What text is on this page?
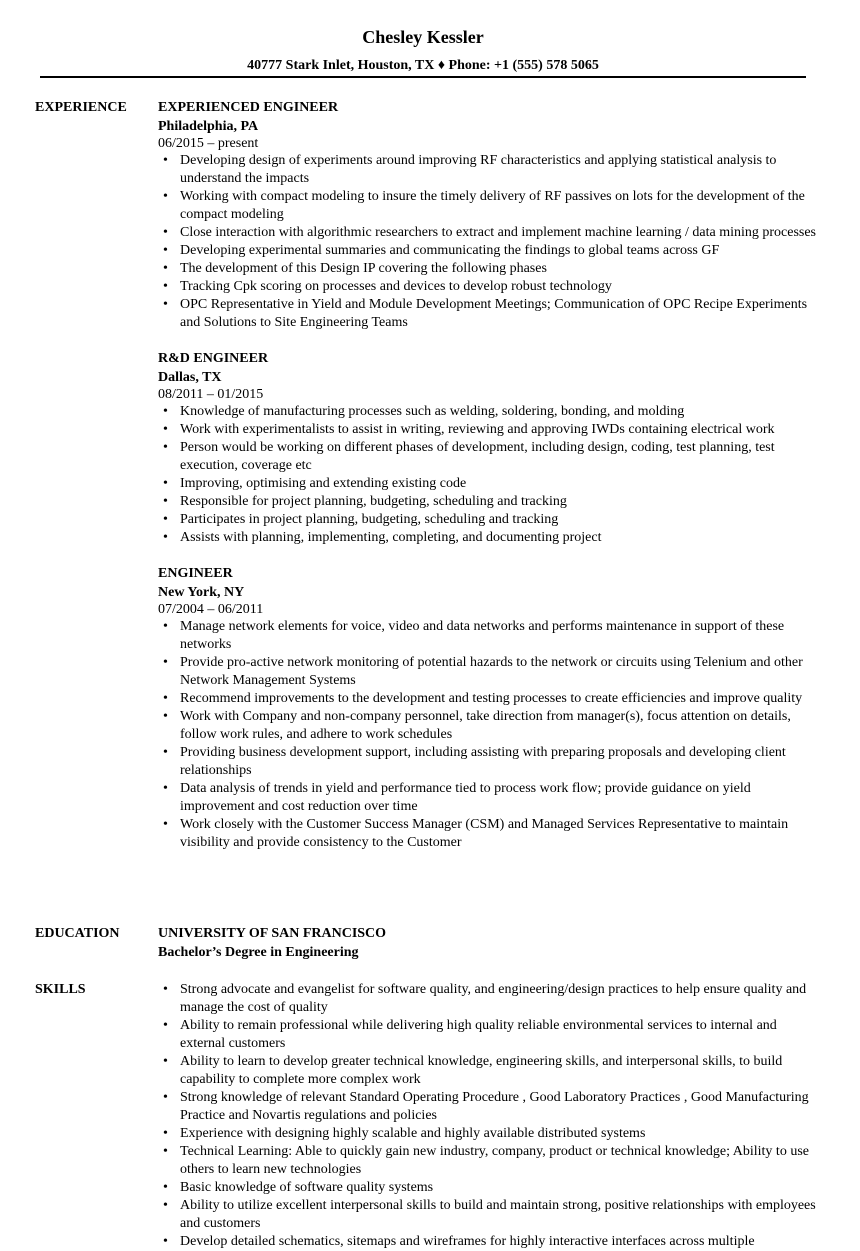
Chesley Kessler
40777 Stark Inlet, Houston, TX ♦ Phone: +1 (555) 578 5065
EXPERIENCE EXPERIENCED ENGINEER
Philadelphia, PA
06/2015 – present
• Developing design of experiments around improving RF characteristics and applying statistical analysis to understand the impacts
• Working with compact modeling to insure the timely delivery of RF passives on lots for the development of the compact modeling
• Close interaction with algorithmic researchers to extract and implement machine learning / data mining processes
• Developing experimental summaries and communicating the findings to global teams across GF
• The development of this Design IP covering the following phases
• Tracking Cpk scoring on processes and devices to develop robust technology
• OPC Representative in Yield and Module Development Meetings; Communication of OPC Recipe Experiments and Solutions to Site Engineering Teams
R&D ENGINEER
Dallas, TX
08/2011 – 01/2015
• Knowledge of manufacturing processes such as welding, soldering, bonding, and molding
• Work with experimentalists to assist in writing, reviewing and approving IWDs containing electrical work
• Person would be working on different phases of development, including design, coding, test planning, test execution, coverage etc
• Improving, optimising and extending existing code
• Responsible for project planning, budgeting, scheduling and tracking
• Participates in project planning, budgeting, scheduling and tracking
• Assists with planning, implementing, completing, and documenting project
ENGINEER
New York, NY
07/2004 – 06/2011
• Manage network elements for voice, video and data networks and performs maintenance in support of these networks
• Provide pro-active network monitoring of potential hazards to the network or circuits using Telenium and other Network Management Systems
• Recommend improvements to the development and testing processes to create efficiencies and improve quality
• Work with Company and non-company personnel, take direction from manager(s), focus attention on details, follow work rules, and adhere to work schedules
• Providing business development support, including assisting with preparing proposals and developing client relationships
• Data analysis of trends in yield and performance tied to process work flow; provide guidance on yield improvement and cost reduction over time
• Work closely with the Customer Success Manager (CSM) and Managed Services Representative to maintain visibility and provide consistency to the Customer
EDUCATION	UNIVERSITY OF SAN FRANCISCO
Bachelor’s Degree in Engineering
SKILLS	• Strong advocate and evangelist for software quality, and engineering/design practices to help ensure quality and manage the cost of quality
• Ability to remain professional while delivering high quality reliable environmental services to internal and external customers
• Ability to learn to develop greater technical knowledge, engineering skills, and interpersonal skills, to build capability to complete more complex work
• Strong knowledge of relevant Standard Operating Procedure , Good Laboratory Practices , Good Manufacturing Practice and Novartis regulations and policies
• Experience with designing highly scalable and highly available distributed systems
• Technical Learning: Able to quickly gain new industry, company, product or technical knowledge; Ability to use others to learn new technologies
• Basic knowledge of software quality systems
• Ability to utilize excellent interpersonal skills to build and maintain strong, positive relationships with employees and customers
• Develop detailed schematics, sitemaps and wireframes for highly interactive interfaces across multiple
